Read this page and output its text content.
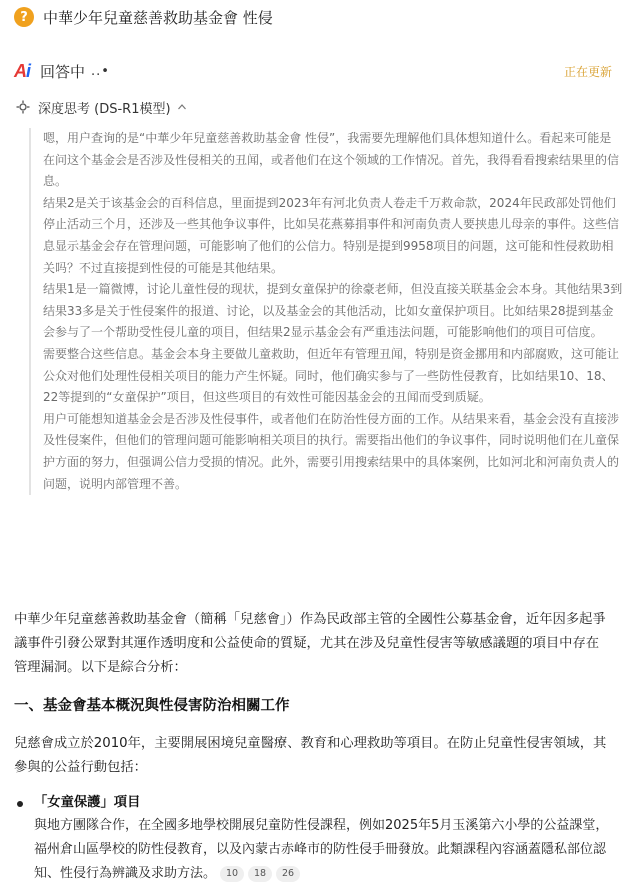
?	中華少年兒童慈善救助基金會 性侵
Ai 回答中 ..•	正在更新
深度思考 (DS-R1模型)

嗯，用户查询的是“中華少年兒童慈善救助基金會 性侵”，我需要先理解他们具体想知道什么。看起来可能是在问这个基金会是否涉及性侵相关的丑闻，或者他们在这个领域的工作情况。首先，我得看看搜索结果里的信息。

结果2是关于该基金会的百科信息，里面提到2023年有河北负责人卷走千万救命款，2024年民政部处罚他们停止活动三个月，还涉及一些其他争议事件，比如吴花燕募捐事件和河南负责人要挟患儿母亲的事件。这些信息显示基金会存在管理问题，可能影响了他们的公信力。特别是提到9958项目的问题，这可能和性侵救助相关吗？不过直接提到性侵的可能是其他结果。

结果1是一篇微博，讨论儿童性侵的现状，提到女童保护的徐豪老师，但没直接关联基金会本身。其他结果3到结果33多是关于性侵案件的报道、讨论，以及基金会的其他活动，比如女童保护项目。比如结果28提到基金会参与了一个帮助受性侵儿童的项目，但结果2显示基金会有严重违法问题，可能影响他们的项目可信度。

需要整合这些信息。基金会本身主要做儿童救助，但近年有管理丑闻，特别是资金挪用和内部腐败，这可能让公众对他们处理性侵相关项目的能力产生怀疑。同时，他们确实参与了一些防性侵教育，比如结果10、18、22等提到的“女童保护”项目，但这些项目的有效性可能因基金会的丑闻而受到质疑。

用户可能想知道基金会是否涉及性侵事件，或者他们在防治性侵方面的工作。从结果来看，基金会没有直接涉及性侵案件，但他们的管理问题可能影响相关项目的执行。需要指出他们的争议事件，同时说明他们在儿童保护方面的努力，但强调公信力受损的情况。此外，需要引用搜索结果中的具体案例，比如河北和河南负责人的问题，说明内部管理不善。

中華少年兒童慈善救助基金會（簡稱「兒慈會」）作為民政部主管的全國性公募基金會，近年因多起爭議事件引發公眾對其運作透明度和公益使命的質疑，尤其在涉及兒童性侵害等敏感議題的項目中存在管理漏洞。以下是綜合分析：

一、基金會基本概況與性侵害防治相關工作

兒慈會成立於2010年，主要開展困境兒童醫療、教育和心理救助等項目。在防止兒童性侵害領域，其參與的公益行動包括：

「女童保護」項目

與地方團隊合作，在全國多地學校開展兒童防性侵課程，例如2025年5月玉溪第六小學的公益課堂，福州倉山區學校的防性侵教育，以及內蒙古赤峰市的防性侵手冊發放。此類課程內容涵蓋隱私部位認知、性侵行為辨識及求助方法。 10 18 26
